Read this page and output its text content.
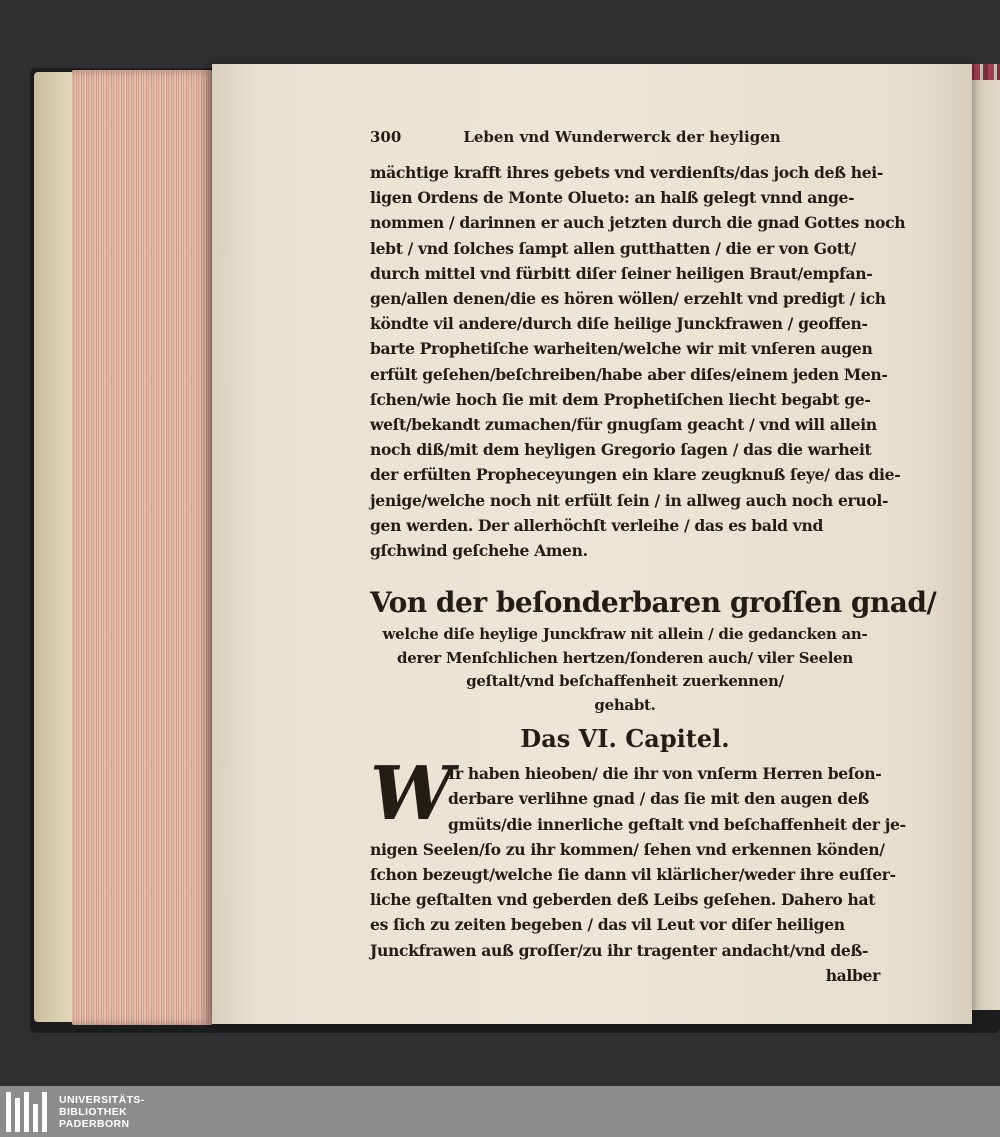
300	Leben vnd Wunderwerck der heyligen
mächtige krafft ihres gebets vnd verdienſts/das joch deß hei-
ligen Ordens de Monte Olueto: an halß gelegt vnnd ange-
nommen / darinnen er auch jetzten durch die gnad Gottes noch
lebt / vnd ſolches ſampt allen gutthatten / die er von Gott/
durch mittel vnd fürbitt diſer ſeiner heiligen Braut/empfan-
gen/allen denen/die es hören wöllen/ erzehlt vnd predigt / ich
köndte vil andere/durch diſe heilige Junckfrawen / geoffen-
barte Prophetiſche warheiten/welche wir mit vnſeren augen
erfült geſehen/beſchreiben/habe aber diſes/einem jeden Men-
ſchen/wie hoch ſie mit dem Prophetiſchen liecht begabt ge-
weſt/bekandt zumachen/für gnugſam geacht / vnd will allein
noch diß/mit dem heyligen Gregorio ſagen / das die warheit
der erfülten Propheceyungen ein klare zeugknuß ſeye/ das die-
jenige/welche noch nit erfült ſein / in allweg auch noch eruol-
gen werden. Der allerhöchſt verleihe / das es bald vnd
gſchwind geſchehe Amen.
Von der beſonderbaren groſſen gnad/
welche diſe heylige Junckfraw nit allein / die gedancken an-
derer Menſchlichen hertzen/ſonderen auch/ viler Seelen
geſtalt/vnd beſchaffenheit zuerkennen/
gehabt.
Das VI. Capitel.
W
Ir haben hieoben/ die ihr von vnſerm Herren beſon-
derbare verlihne gnad / das ſie mit den augen deß
gmüts/die innerliche geſtalt vnd beſchaffenheit der je-
nigen Seelen/ſo zu ihr kommen/ ſehen vnd erkennen könden/
ſchon bezeugt/welche ſie dann vil klärlicher/weder ihre euſſer-
liche geſtalten vnd geberden deß Leibs geſehen. Dahero hat
es ſich zu zeiten begeben / das vil Leut vor diſer heiligen
Junckfrawen auß groſſer/zu ihr tragenter andacht/vnd deß-
halber
UNIVERSITÄTS-
BIBLIOTHEK
PADERBORN
